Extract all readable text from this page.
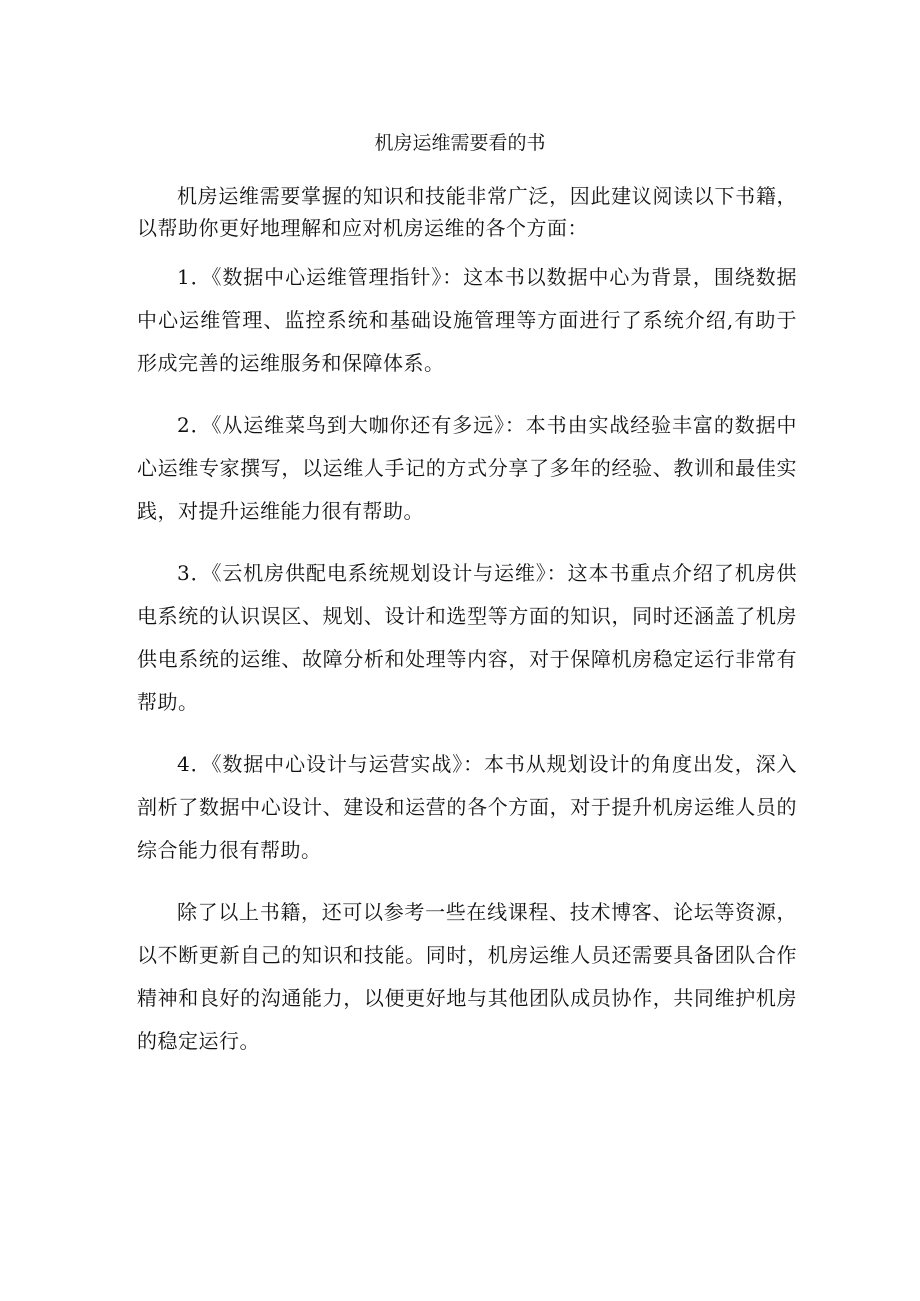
机房运维需要看的书

机房运维需要掌握的知识和技能非常广泛，因此建议阅读以下书籍，以帮助你更好地理解和应对机房运维的各个方面：

1．《数据中心运维管理指针》：这本书以数据中心为背景，围绕数据中心运维管理、监控系统和基础设施管理等方面进行了系统介绍,有助于形成完善的运维服务和保障体系。

2．《从运维菜鸟到大咖你还有多远》：本书由实战经验丰富的数据中心运维专家撰写，以运维人手记的方式分享了多年的经验、教训和最佳实践，对提升运维能力很有帮助。

3．《云机房供配电系统规划设计与运维》：这本书重点介绍了机房供电系统的认识误区、规划、设计和选型等方面的知识，同时还涵盖了机房供电系统的运维、故障分析和处理等内容，对于保障机房稳定运行非常有帮助。

4．《数据中心设计与运营实战》：本书从规划设计的角度出发，深入剖析了数据中心设计、建设和运营的各个方面，对于提升机房运维人员的综合能力很有帮助。

除了以上书籍，还可以参考一些在线课程、技术博客、论坛等资源，以不断更新自己的知识和技能。同时，机房运维人员还需要具备团队合作精神和良好的沟通能力，以便更好地与其他团队成员协作，共同维护机房的稳定运行。
